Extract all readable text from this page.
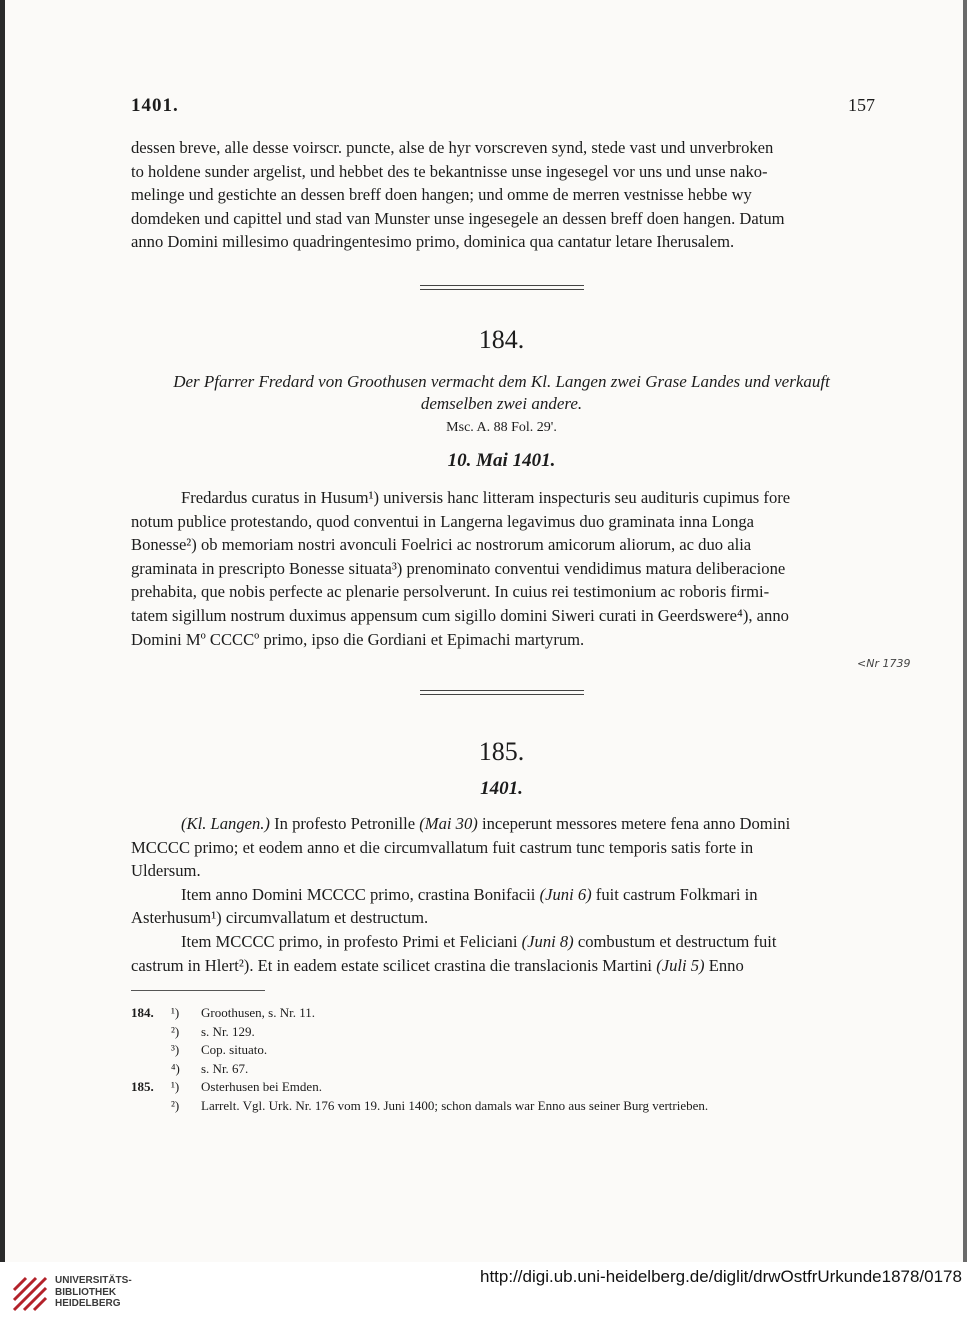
1401.	157
dessen breve, alle desse voirscr. puncte, alse de hyr vorscreven synd, stede vast und unverbroken
to holdene sunder argelist, und hebbet des te bekantnisse unse ingesegel vor uns und unse nako-
melinge und gestichte an dessen breff doen hangen; und omme de merren vestnisse hebbe wy
domdeken und capittel und stad van Munster unse ingesegele an dessen breff doen hangen. Datum
anno Domini millesimo quadringentesimo primo, dominica qua cantatur letare Iherusalem.
184.
Der Pfarrer Fredard von Groothusen vermacht dem Kl. Langen zwei Grase Landes und verkauft
demselben zwei andere.
Msc. A. 88 Fol. 29'.
10. Mai 1401.
Fredardus curatus in Husum¹) universis hanc litteram inspecturis seu audituris cupimus fore
notum publice protestando, quod conventui in Langerna legavimus duo graminata inna Longa
Bonesse²) ob memoriam nostri avonculi Foelrici ac nostrorum amicorum aliorum, ac duo alia
graminata in prescripto Bonesse situata³) prenominato conventui vendidimus matura deliberacione
prehabita, que nobis perfecte ac plenarie persolverunt. In cuius rei testimonium ac roboris firmi-
tatem sigillum nostrum duximus appensum cum sigillo domini Siweri curati in Geerdswere⁴), anno
Domini Mº CCCCº primo, ipso die Gordiani et Epimachi martyrum.
<Nr 1739
185.
1401.
(Kl. Langen.) In profesto Petronille (Mai 30) inceperunt messores metere fena anno Domini
MCCCC primo; et eodem anno et die circumvallatum fuit castrum tunc temporis satis forte in
Uldersum.
Item anno Domini MCCCC primo, crastina Bonifacii (Juni 6) fuit castrum Folkmari in
Asterhusum¹) circumvallatum et destructum.
Item MCCCC primo, in profesto Primi et Feliciani (Juni 8) combustum et destructum fuit
castrum in Hlert²). Et in eadem estate scilicet crastina die translacionis Martini (Juli 5) Enno
184. ¹) Groothusen, s. Nr. 11.
²) s. Nr. 129.
³) Cop. situato.
⁴) s. Nr. 67.
185. ¹) Osterhusen bei Emden.
²) Larrelt. Vgl. Urk. Nr. 176 vom 19. Juni 1400; schon damals war Enno aus seiner Burg vertrieben.
UNIVERSITÄTS-
BIBLIOTHEK
HEIDELBERG
http://digi.ub.uni-heidelberg.de/diglit/drwOstfrUrkunde1878/0178
